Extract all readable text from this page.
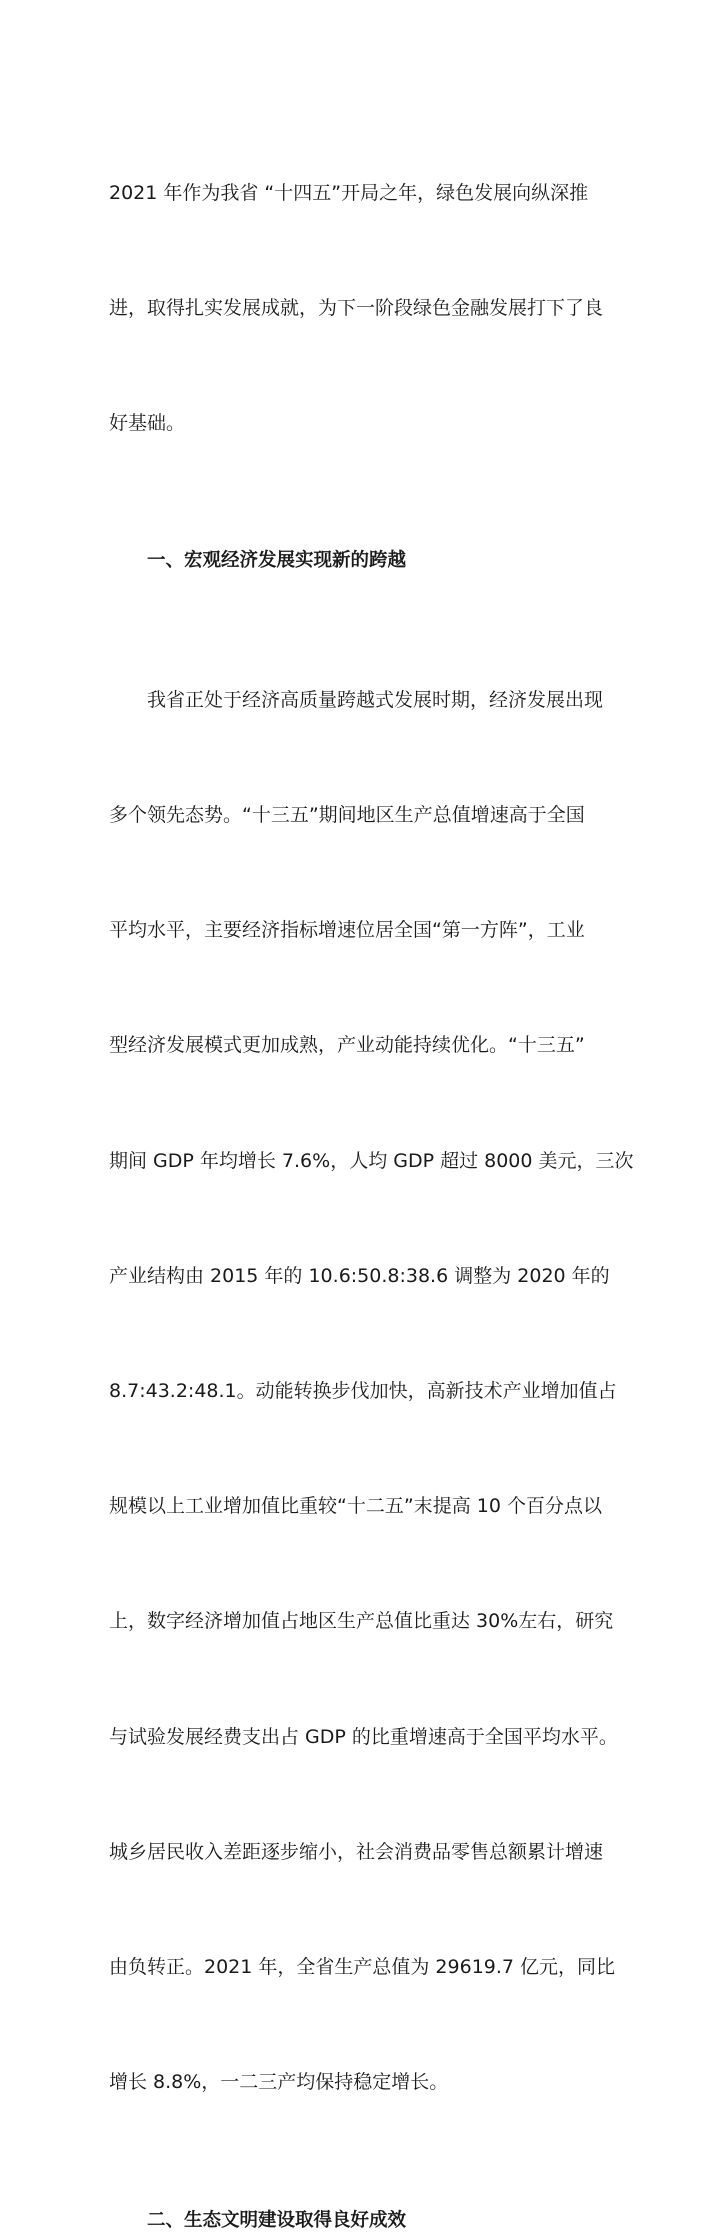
2021 年作为我省 “十四五”开局之年，绿色发展向纵深推

进，取得扎实发展成就，为下一阶段绿色金融发展打下了良

好基础。

一、宏观经济发展实现新的跨越

　　我省正处于经济高质量跨越式发展时期，经济发展出现

多个领先态势。“十三五”期间地区生产总值增速高于全国

平均水平，主要经济指标增速位居全国“第一方阵”，工业

型经济发展模式更加成熟，产业动能持续优化。“十三五”

期间 GDP 年均增长 7.6%，人均 GDP 超过 8000 美元，三次

产业结构由 2015 年的 10.6:50.8:38.6 调整为 2020 年的

8.7:43.2:48.1。动能转换步伐加快，高新技术产业增加值占

规模以上工业增加值比重较“十二五”末提高 10 个百分点以

上，数字经济增加值占地区生产总值比重达 30%左右，研究

与试验发展经费支出占 GDP 的比重增速高于全国平均水平。

城乡居民收入差距逐步缩小，社会消费品零售总额累计增速

由负转正。2021 年，全省生产总值为 29619.7 亿元，同比

增长 8.8%，一二三产均保持稳定增长。

二、生态文明建设取得良好成效
